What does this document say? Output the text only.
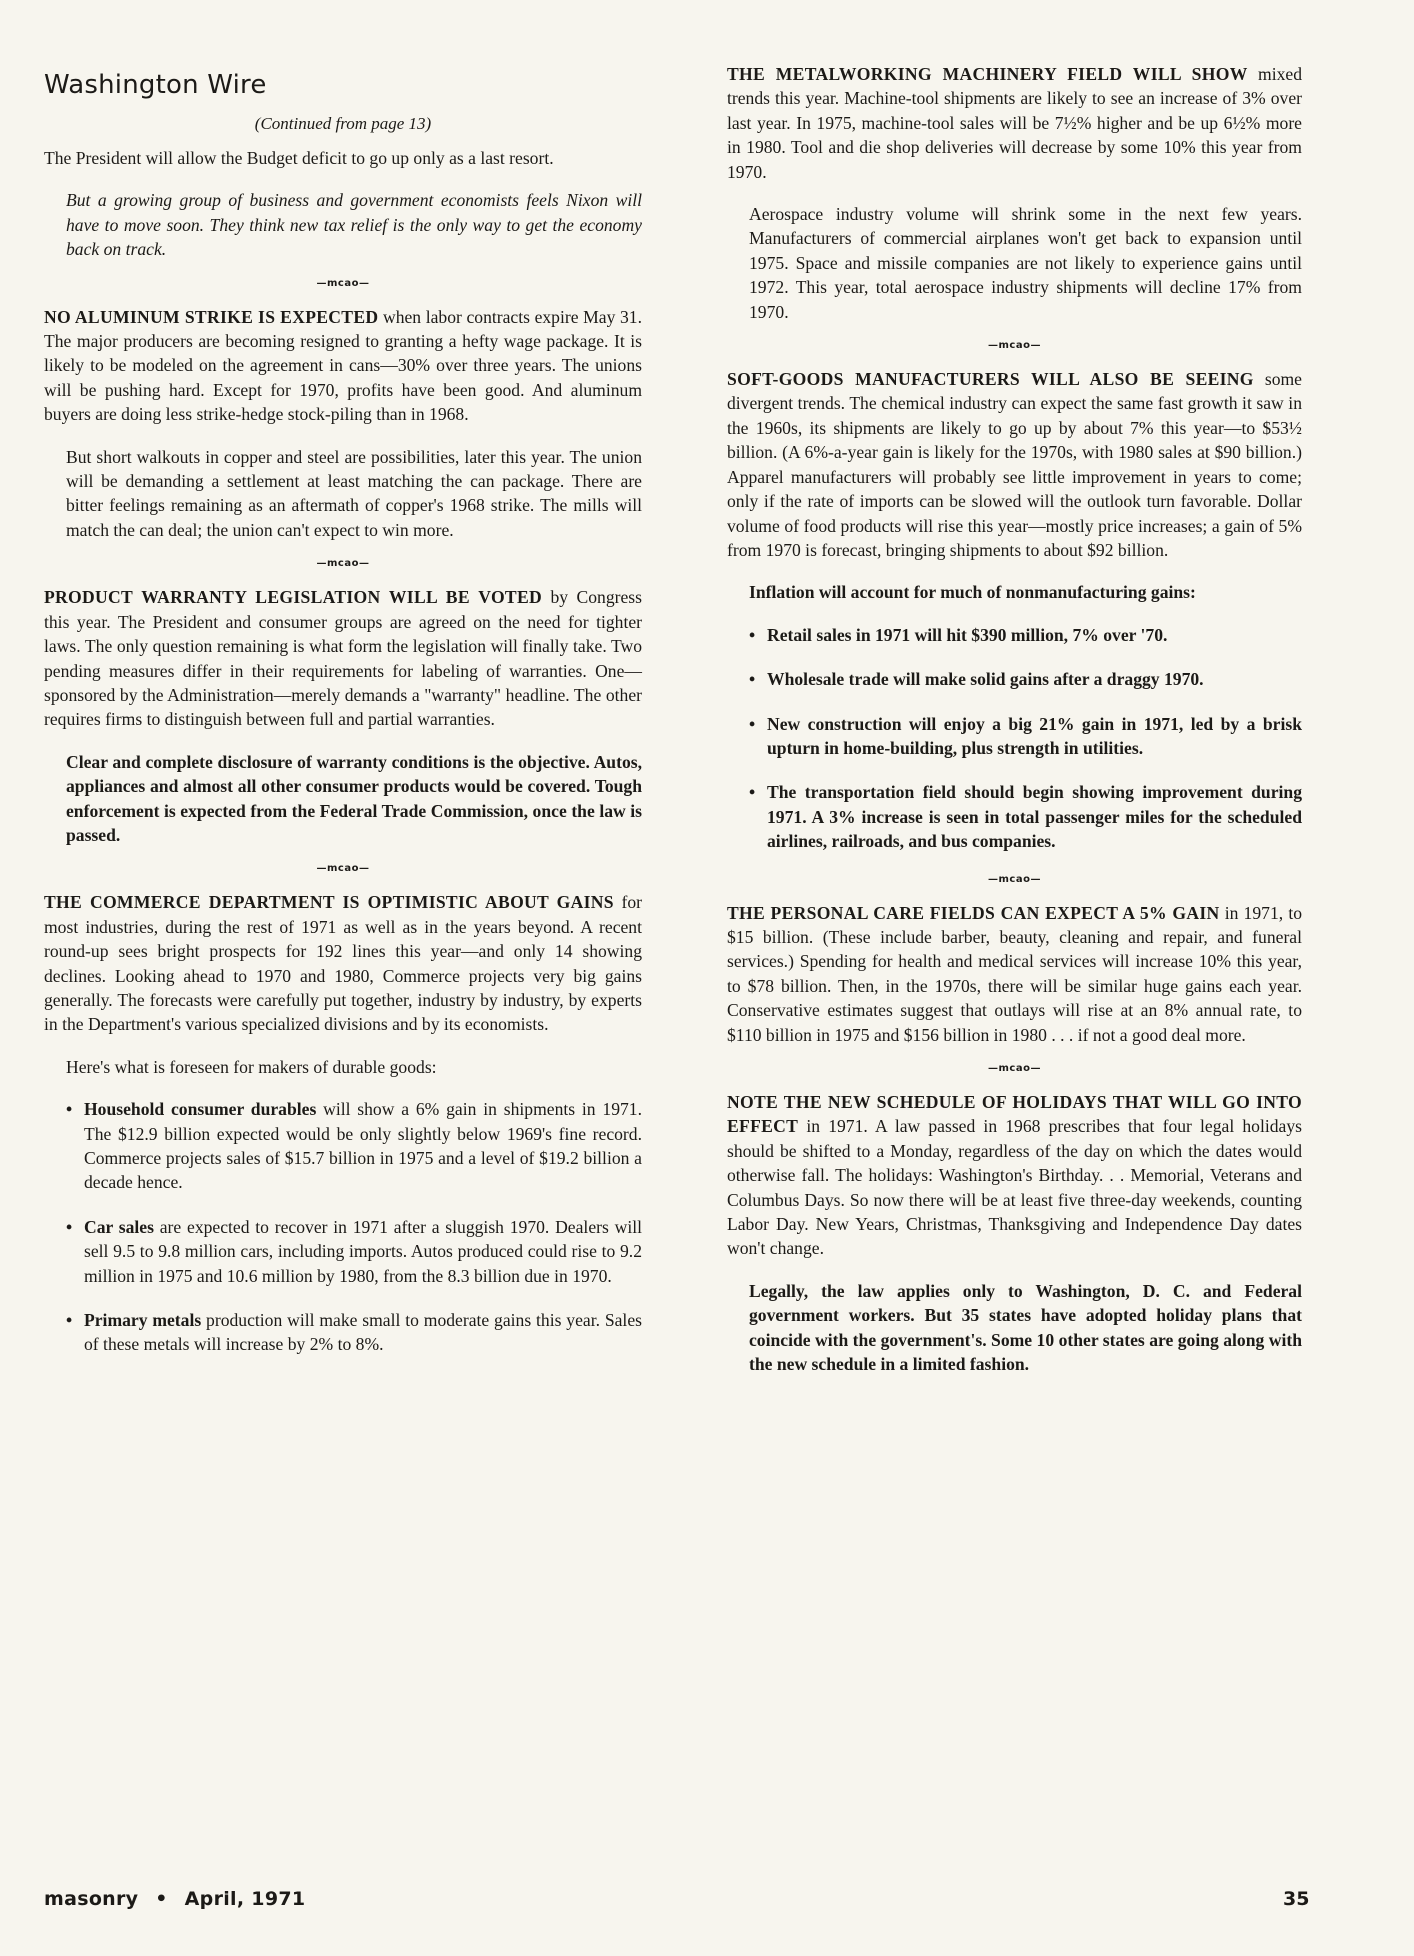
Washington Wire
(Continued from page 13)

The President will allow the Budget deficit to go up only as a last resort.

But a growing group of business and government economists feels Nixon will have to move soon. They think new tax relief is the only way to get the economy back on track.

—mcao—

NO ALUMINUM STRIKE IS EXPECTED when labor contracts expire May 31. The major producers are becoming resigned to granting a hefty wage package. It is likely to be modeled on the agreement in cans—30% over three years. The unions will be pushing hard. Except for 1970, profits have been good. And aluminum buyers are doing less strike-hedge stock-piling than in 1968.

But short walkouts in copper and steel are possibilities, later this year. The union will be demanding a settlement at least matching the can package. There are bitter feelings remaining as an aftermath of copper's 1968 strike. The mills will match the can deal; the union can't expect to win more.

—mcao—

PRODUCT WARRANTY LEGISLATION WILL BE VOTED by Congress this year. The President and consumer groups are agreed on the need for tighter laws. The only question remaining is what form the legislation will finally take. Two pending measures differ in their requirements for labeling of warranties. One—sponsored by the Administration—merely demands a "warranty" headline. The other requires firms to distinguish between full and partial warranties.

Clear and complete disclosure of warranty conditions is the objective. Autos, appliances and almost all other consumer products would be covered. Tough enforcement is expected from the Federal Trade Commission, once the law is passed.

—mcao—

THE COMMERCE DEPARTMENT IS OPTIMISTIC ABOUT GAINS for most industries, during the rest of 1971 as well as in the years beyond. A recent round-up sees bright prospects for 192 lines this year—and only 14 showing declines. Looking ahead to 1970 and 1980, Commerce projects very big gains generally. The forecasts were carefully put together, industry by industry, by experts in the Department's various specialized divisions and by its economists.

Here's what is foreseen for makers of durable goods:

• Household consumer durables will show a 6% gain in shipments in 1971. The $12.9 billion expected would be only slightly below 1969's fine record. Commerce projects sales of $15.7 billion in 1975 and a level of $19.2 billion a decade hence.
• Car sales are expected to recover in 1971 after a sluggish 1970. Dealers will sell 9.5 to 9.8 million cars, including imports. Autos produced could rise to 9.2 million in 1975 and 10.6 million by 1980, from the 8.3 billion due in 1970.
• Primary metals production will make small to moderate gains this year. Sales of these metals will increase by 2% to 8%.

THE METALWORKING MACHINERY FIELD WILL SHOW mixed trends this year. Machine-tool shipments are likely to see an increase of 3% over last year. In 1975, machine-tool sales will be 7½% higher and be up 6½% more in 1980. Tool and die shop deliveries will decrease by some 10% this year from 1970.

Aerospace industry volume will shrink some in the next few years. Manufacturers of commercial airplanes won't get back to expansion until 1975. Space and missile companies are not likely to experience gains until 1972. This year, total aerospace industry shipments will decline 17% from 1970.

—mcao—

SOFT-GOODS MANUFACTURERS WILL ALSO BE SEEING some divergent trends. The chemical industry can expect the same fast growth it saw in the 1960s, its shipments are likely to go up by about 7% this year—to $53½ billion. (A 6%-a-year gain is likely for the 1970s, with 1980 sales at $90 billion.) Apparel manufacturers will probably see little improvement in years to come; only if the rate of imports can be slowed will the outlook turn favorable. Dollar volume of food products will rise this year—mostly price increases; a gain of 5% from 1970 is forecast, bringing shipments to about $92 billion.

Inflation will account for much of nonmanufacturing gains:

• Retail sales in 1971 will hit $390 million, 7% over '70.
• Wholesale trade will make solid gains after a draggy 1970.
• New construction will enjoy a big 21% gain in 1971, led by a brisk upturn in home-building, plus strength in utilities.
• The transportation field should begin showing improvement during 1971. A 3% increase is seen in total passenger miles for the scheduled airlines, railroads, and bus companies.
—mcao—

THE PERSONAL CARE FIELDS CAN EXPECT A 5% GAIN in 1971, to $15 billion. (These include barber, beauty, cleaning and repair, and funeral services.) Spending for health and medical services will increase 10% this year, to $78 billion. Then, in the 1970s, there will be similar huge gains each year. Conservative estimates suggest that outlays will rise at an 8% annual rate, to $110 billion in 1975 and $156 billion in 1980 . . . if not a good deal more.

—mcao—

NOTE THE NEW SCHEDULE OF HOLIDAYS THAT WILL GO INTO EFFECT in 1971. A law passed in 1968 prescribes that four legal holidays should be shifted to a Monday, regardless of the day on which the dates would otherwise fall. The holidays: Washington's Birthday. . . Memorial, Veterans and Columbus Days. So now there will be at least five three-day weekends, counting Labor Day. New Years, Christmas, Thanksgiving and Independence Day dates won't change.

Legally, the law applies only to Washington, D. C. and Federal government workers. But 35 states have adopted holiday plans that coincide with the government's. Some 10 other states are going along with the new schedule in a limited fashion.

masonry • April, 1971	35
